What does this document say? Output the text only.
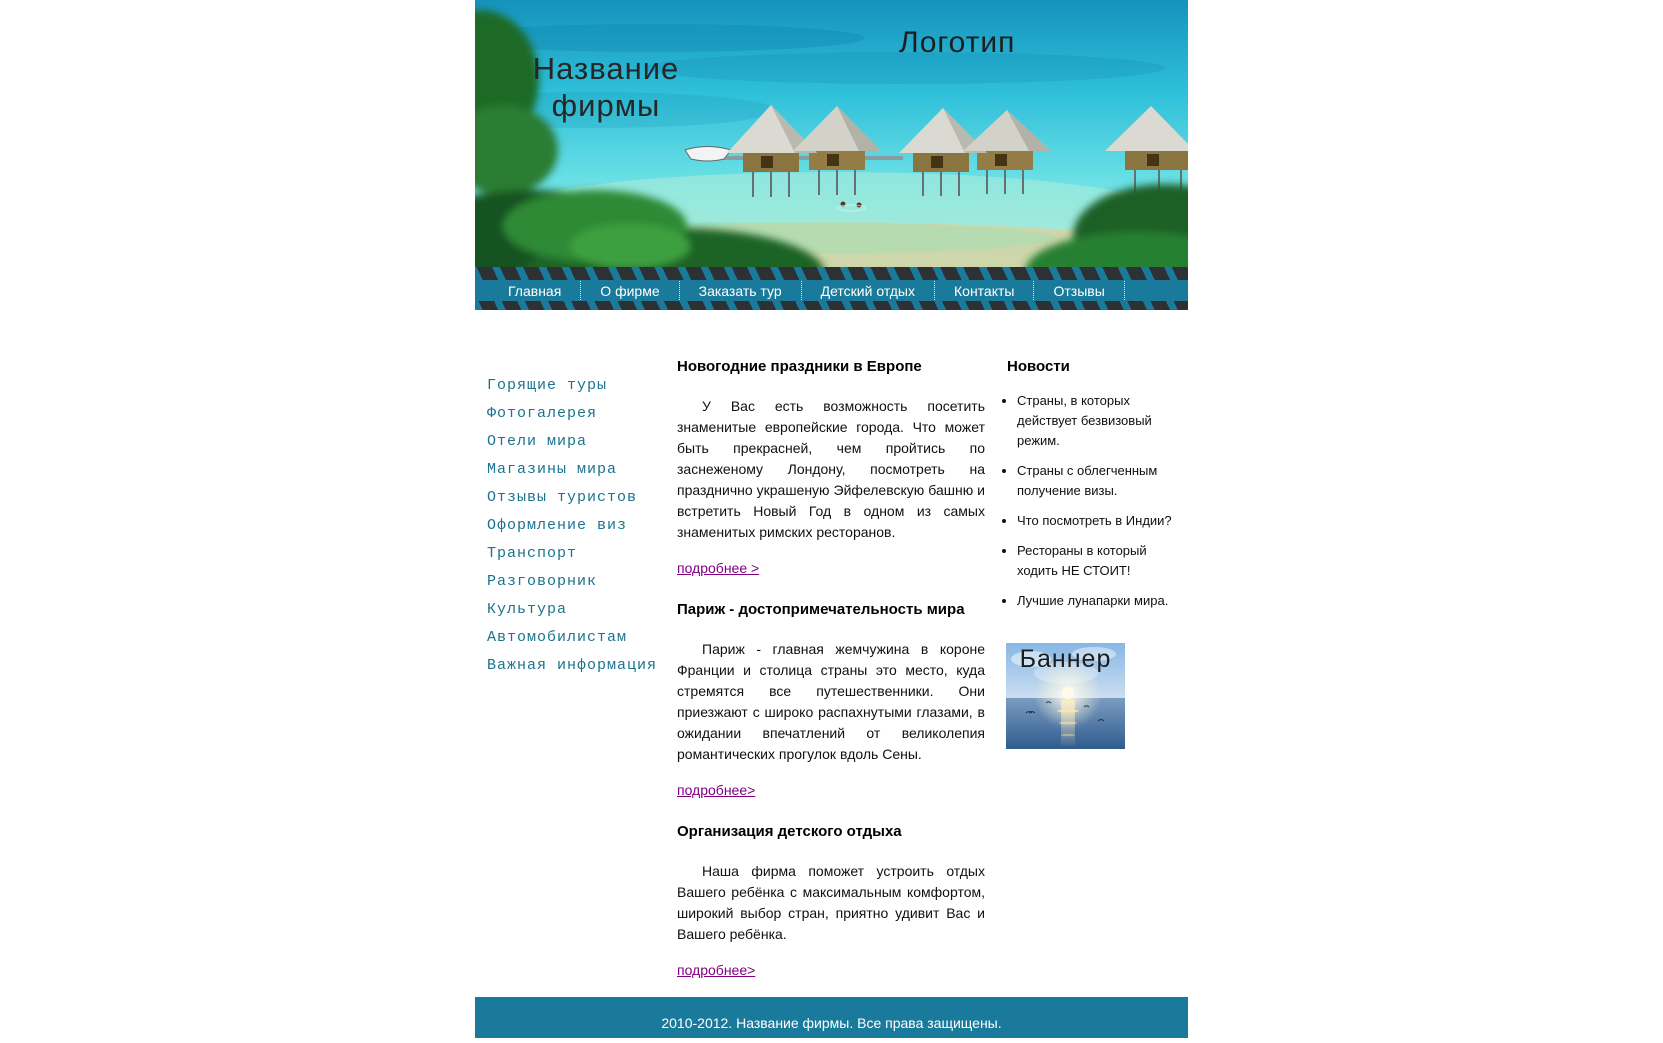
Название
фирмы
Логотип
Главная	О фирме	Заказать тур	Детский отдых	Контакты	Отзывы
Горящие туры
Фотогалерея
Отели мира
Магазины мира
Отзывы туристов
Оформление виз
Транспорт
Разговорник
Культура
Автомобилистам
Важная информация
Новогодние праздники в Европе

У Вас есть возможность посетить знаменитые европейские города. Что может быть прекрасней, чем пройтись по заснеженому Лондону, посмотреть на празднично украшеную Эйфелевскую башню и встретить Новый Год в одном из самых знаменитых римских ресторанов.

подробнее >
Париж - достопримечательность мира

Париж - главная жемчужина в короне Франции и столица страны это место, куда стремятся все путешественники. Они приезжают с широко распахнутыми глазами, в ожидании впечатлений от великолепия романтических прогулок вдоль Сены.

подробнее>
Организация детского отдыха

Наша фирма поможет устроить отдых Вашего ребёнка с максимальным комфортом, широкий выбор стран, приятно удивит Вас и Вашего ребёнка.

подробнее>
Новости
• Страны, в которых действует безвизовый режим.
• Страны с облегченным получение визы.
• Что посмотреть в Индии?
• Рестораны в который ходить НЕ СТОИТ!
• Лучшие лунапарки мира.
Баннер
2010-2012. Название фирмы. Все права защищены.
